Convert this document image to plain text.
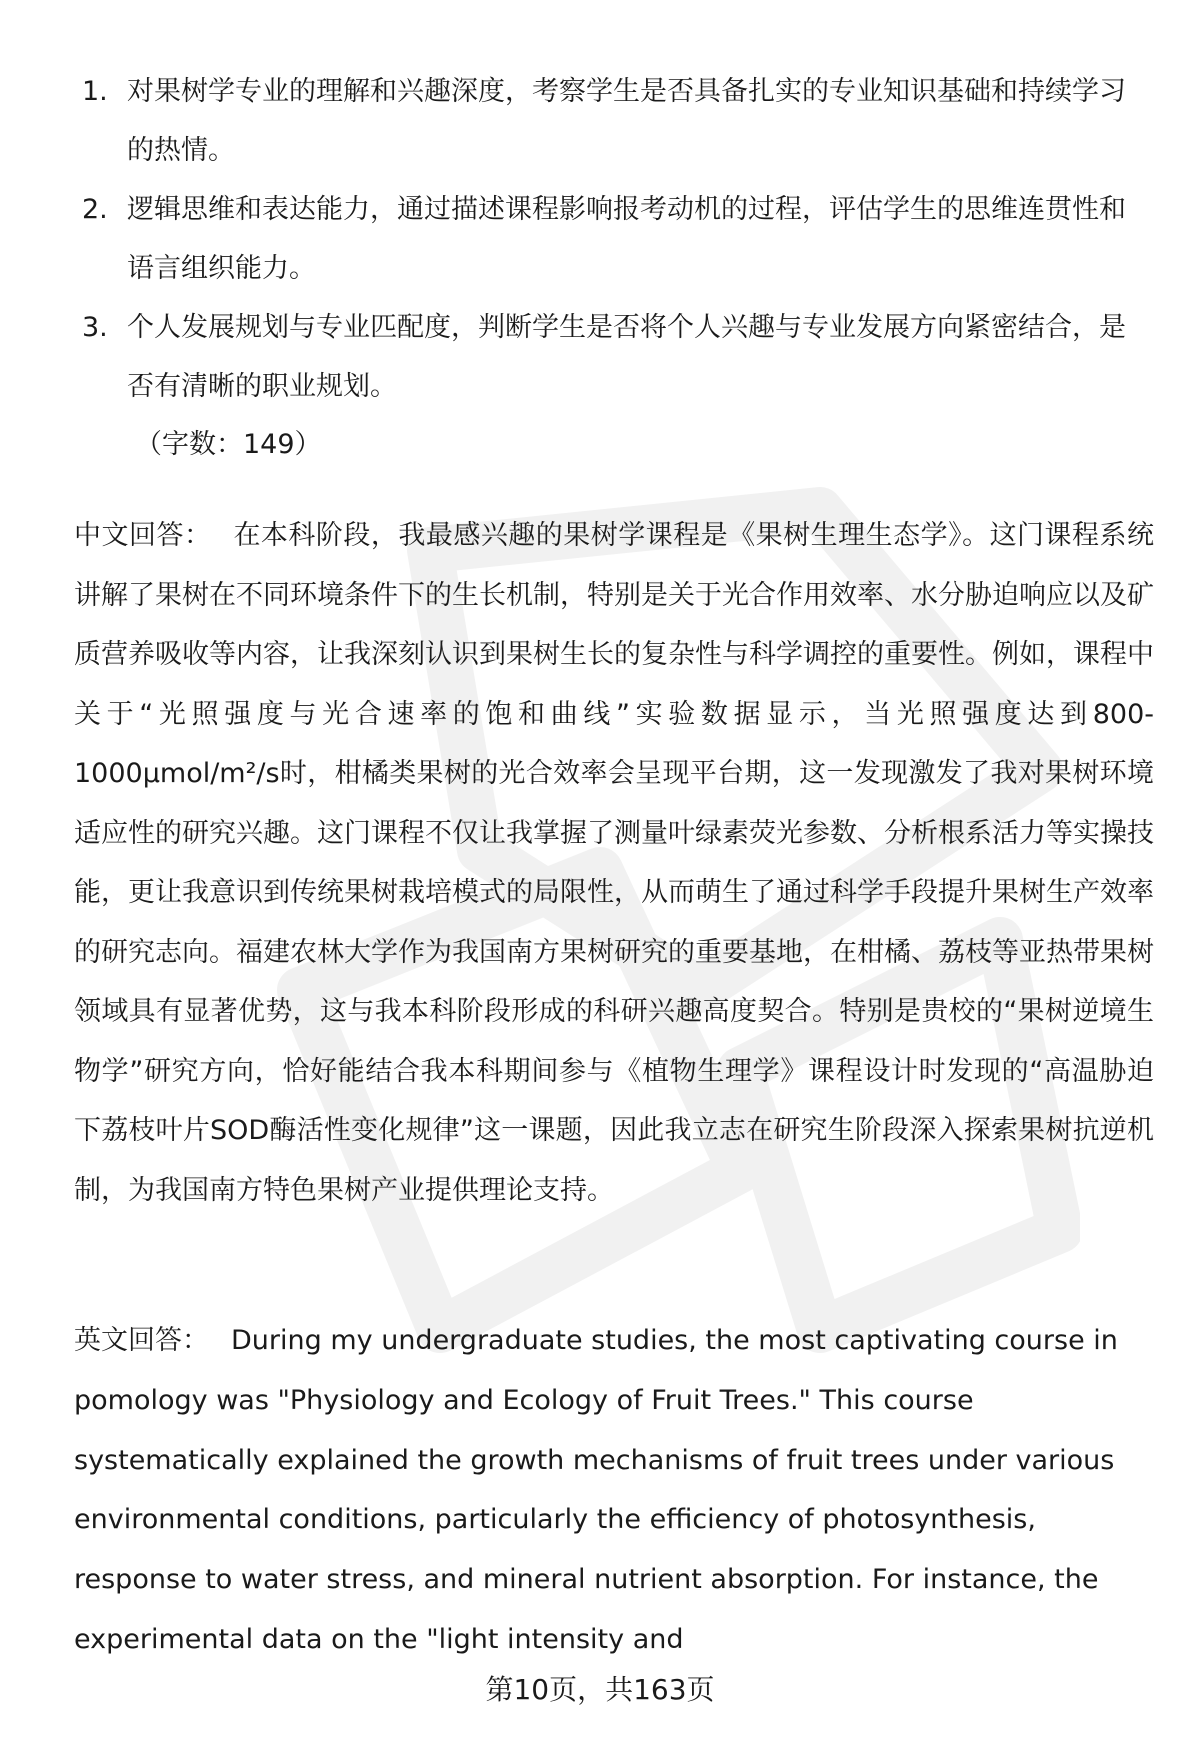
1. 对果树学专业的理解和兴趣深度，考察学生是否具备扎实的专业知识基础和持续学习的热情。
2. 逻辑思维和表达能力，通过描述课程影响报考动机的过程，评估学生的思维连贯性和语言组织能力。
3. 个人发展规划与专业匹配度，判断学生是否将个人兴趣与专业发展方向紧密结合，是否有清晰的职业规划。
（字数：149）

中文回答： 在本科阶段，我最感兴趣的果树学课程是《果树生理生态学》。这门课程系统讲解了果树在不同环境条件下的生长机制，特别是关于光合作用效率、水分胁迫响应以及矿质营养吸收等内容，让我深刻认识到果树生长的复杂性与科学调控的重要性。例如，课程中关于“光照强度与光合速率的饱和曲线”实验数据显示，当光照强度达到800-1000μmol/m²/s时，柑橘类果树的光合效率会呈现平台期，这一发现激发了我对果树环境适应性的研究兴趣。这门课程不仅让我掌握了测量叶绿素荧光参数、分析根系活力等实操技能，更让我意识到传统果树栽培模式的局限性，从而萌生了通过科学手段提升果树生产效率的研究志向。福建农林大学作为我国南方果树研究的重要基地，在柑橘、荔枝等亚热带果树领域具有显著优势，这与我本科阶段形成的科研兴趣高度契合。特别是贵校的“果树逆境生物学”研究方向，恰好能结合我本科期间参与《植物生理学》课程设计时发现的“高温胁迫下荔枝叶片SOD酶活性变化规律”这一课题，因此我立志在研究生阶段深入探索果树抗逆机制，为我国南方特色果树产业提供理论支持。

英文回答： During my undergraduate studies, the most captivating course in pomology was "Physiology and Ecology of Fruit Trees." This course systematically explained the growth mechanisms of fruit trees under various environmental conditions, particularly the efficiency of photosynthesis, response to water stress, and mineral nutrient absorption. For instance, the experimental data on the "light intensity and

第10页，共163页
